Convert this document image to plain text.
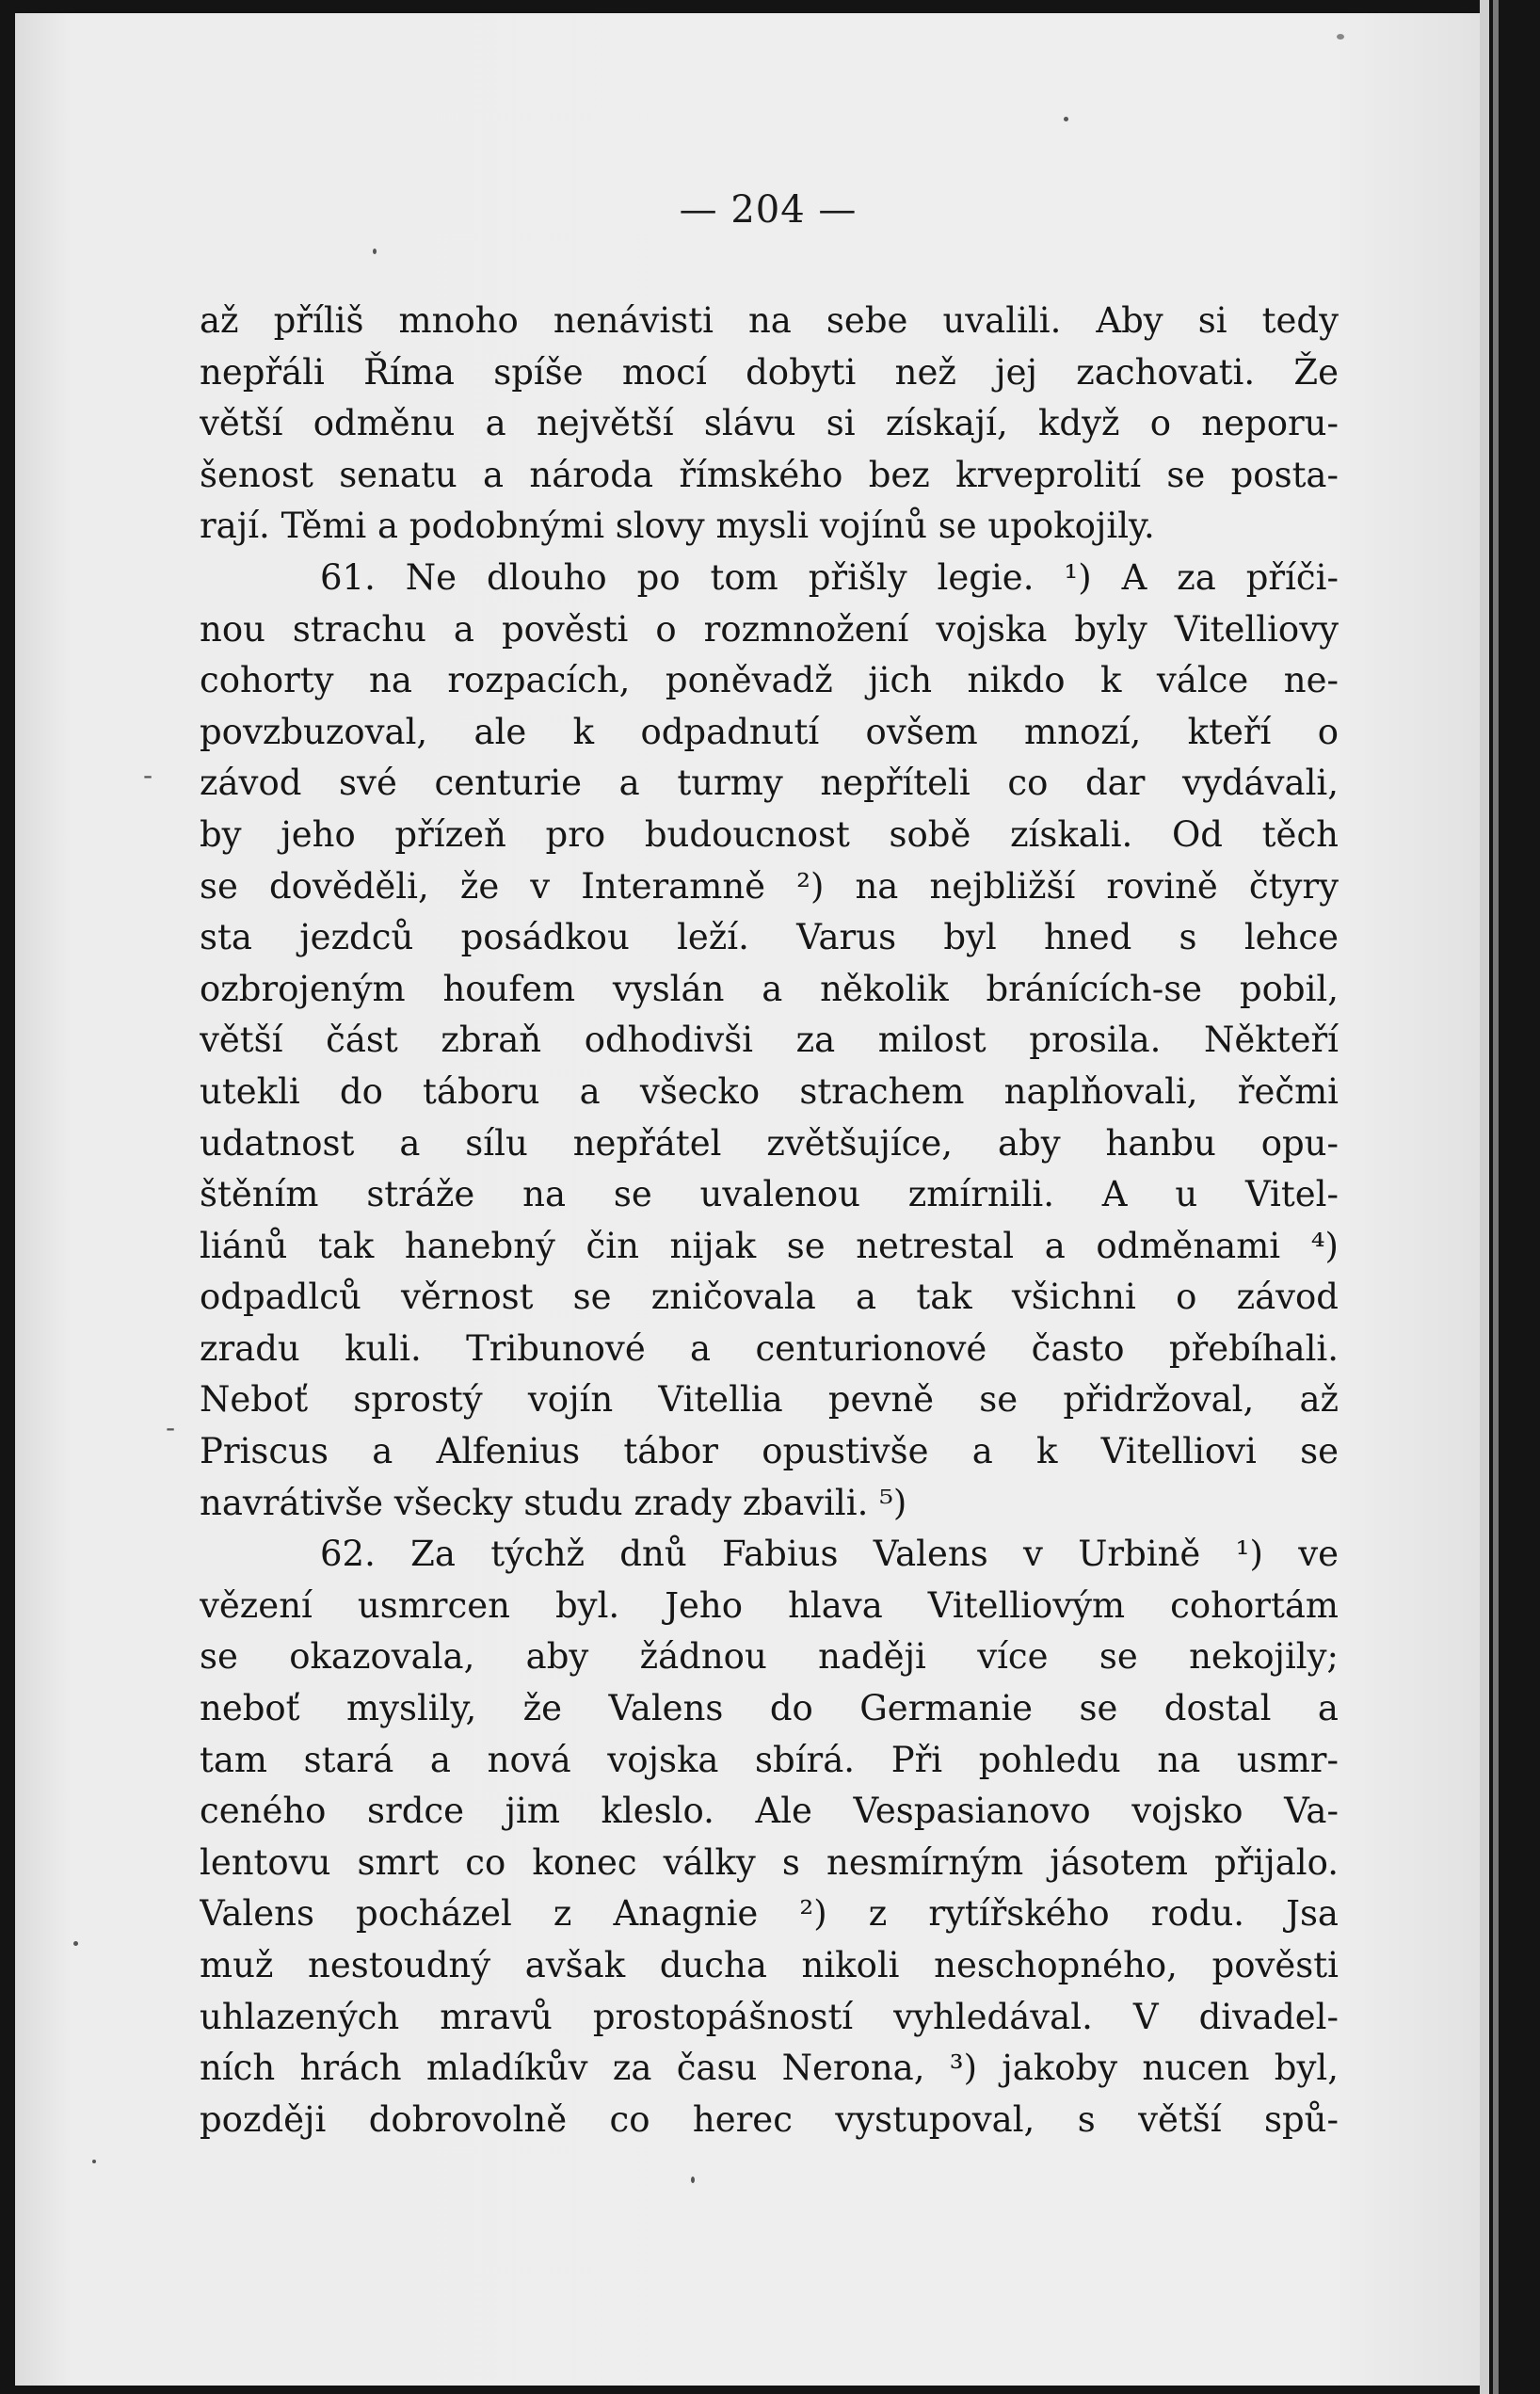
— 204 —
až příliš mnoho nenávisti na sebe uvalili. Aby si tedy
nepřáli Říma spíše mocí dobyti než jej zachovati. Že
větší odměnu a největší slávu si získají, když o neporu-
šenost senatu a národa římského bez krveprolití se posta-
rají. Těmi a podobnými slovy mysli vojínů se upokojily.
61. Ne dlouho po tom přišly legie. ¹) A za příči-
nou strachu a pověsti o rozmnožení vojska byly Vitelliovy
cohorty na rozpacích, poněvadž jich nikdo k válce ne-
povzbuzoval, ale k odpadnutí ovšem mnozí, kteří o
závod své centurie a turmy nepříteli co dar vydávali,
by jeho přízeň pro budoucnost sobě získali. Od těch
se dověděli, že v Interamně ²) na nejbližší rovině čtyry
sta jezdců posádkou leží. Varus byl hned s lehce
ozbrojeným houfem vyslán a několik bránících-se pobil,
větší část zbraň odhodivši za milost prosila. Někteří
utekli do táboru a všecko strachem naplňovali, řečmi
udatnost a sílu nepřátel zvětšujíce, aby hanbu opu-
štěním stráže na se uvalenou zmírnili. A u Vitel-
liánů tak hanebný čin nijak se netrestal a odměnami ⁴)
odpadlců věrnost se zničovala a tak všichni o závod
zradu kuli. Tribunové a centurionové často přebíhali.
Neboť sprostý vojín Vitellia pevně se přidržoval, až
Priscus a Alfenius tábor opustivše a k Vitelliovi se
navrátivše všecky studu zrady zbavili. ⁵)
62. Za týchž dnů Fabius Valens v Urbině ¹) ve
vězení usmrcen byl. Jeho hlava Vitelliovým cohortám
se okazovala, aby žádnou naději více se nekojily;
neboť myslily, že Valens do Germanie se dostal a
tam stará a nová vojska sbírá. Při pohledu na usmr-
ceného srdce jim kleslo. Ale Vespasianovo vojsko Va-
lentovu smrt co konec války s nesmírným jásotem přijalo.
Valens pocházel z Anagnie ²) z rytířského rodu. Jsa
muž nestoudný avšak ducha nikoli neschopného, pověsti
uhlazených mravů prostopášností vyhledával. V divadel-
ních hrách mladíkův za času Nerona, ³) jakoby nucen byl,
později dobrovolně co herec vystupoval, s větší spů-
-
-
